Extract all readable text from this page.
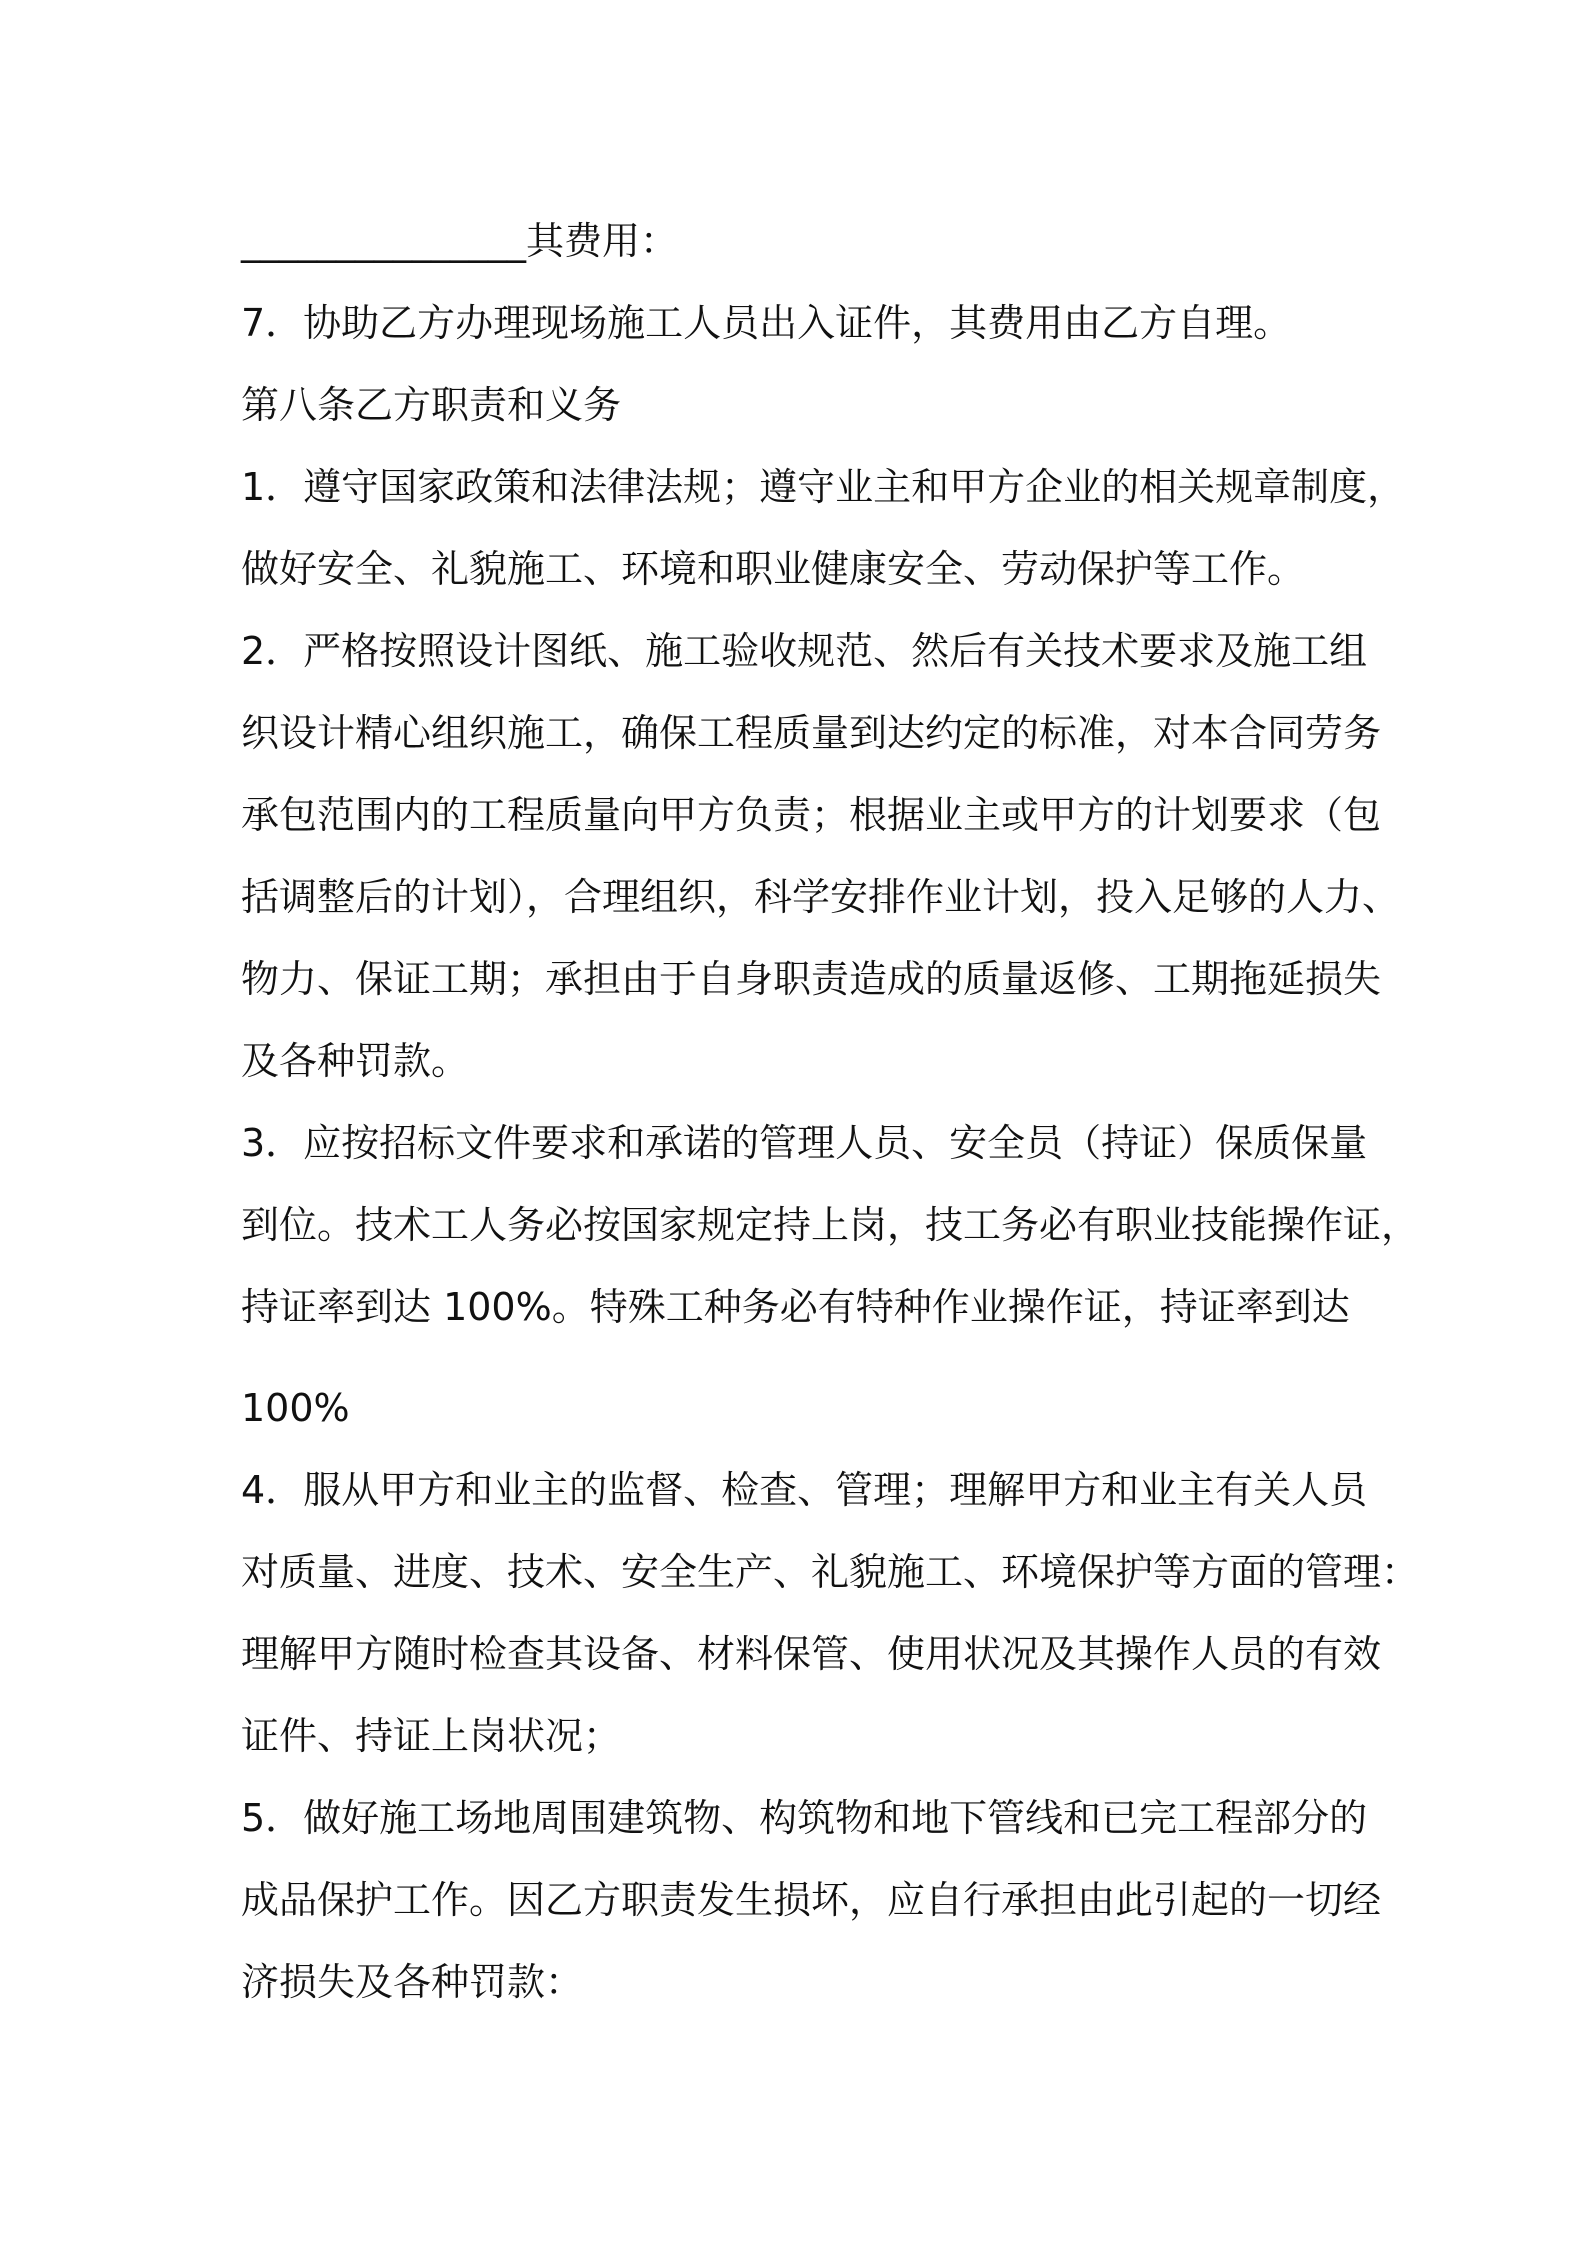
_______________其费用：

7．协助乙方办理现场施工人员出入证件，其费用由乙方自理。

第八条乙方职责和义务

1．遵守国家政策和法律法规；遵守业主和甲方企业的相关规章制度，

做好安全、礼貌施工、环境和职业健康安全、劳动保护等工作。

2．严格按照设计图纸、施工验收规范、然后有关技术要求及施工组

织设计精心组织施工，确保工程质量到达约定的标准，对本合同劳务

承包范围内的工程质量向甲方负责；根据业主或甲方的计划要求（包

括调整后的计划），合理组织，科学安排作业计划，投入足够的人力、

物力、保证工期；承担由于自身职责造成的质量返修、工期拖延损失

及各种罚款。

3．应按招标文件要求和承诺的管理人员、安全员（持证）保质保量

到位。技术工人务必按国家规定持上岗，技工务必有职业技能操作证，

持证率到达 100%。特殊工种务必有特种作业操作证，持证率到达

100%

4．服从甲方和业主的监督、检查、管理；理解甲方和业主有关人员

对质量、进度、技术、安全生产、礼貌施工、环境保护等方面的管理：

理解甲方随时检查其设备、材料保管、使用状况及其操作人员的有效

证件、持证上岗状况；

5．做好施工场地周围建筑物、构筑物和地下管线和已完工程部分的

成品保护工作。因乙方职责发生损坏，应自行承担由此引起的一切经

济损失及各种罚款：
